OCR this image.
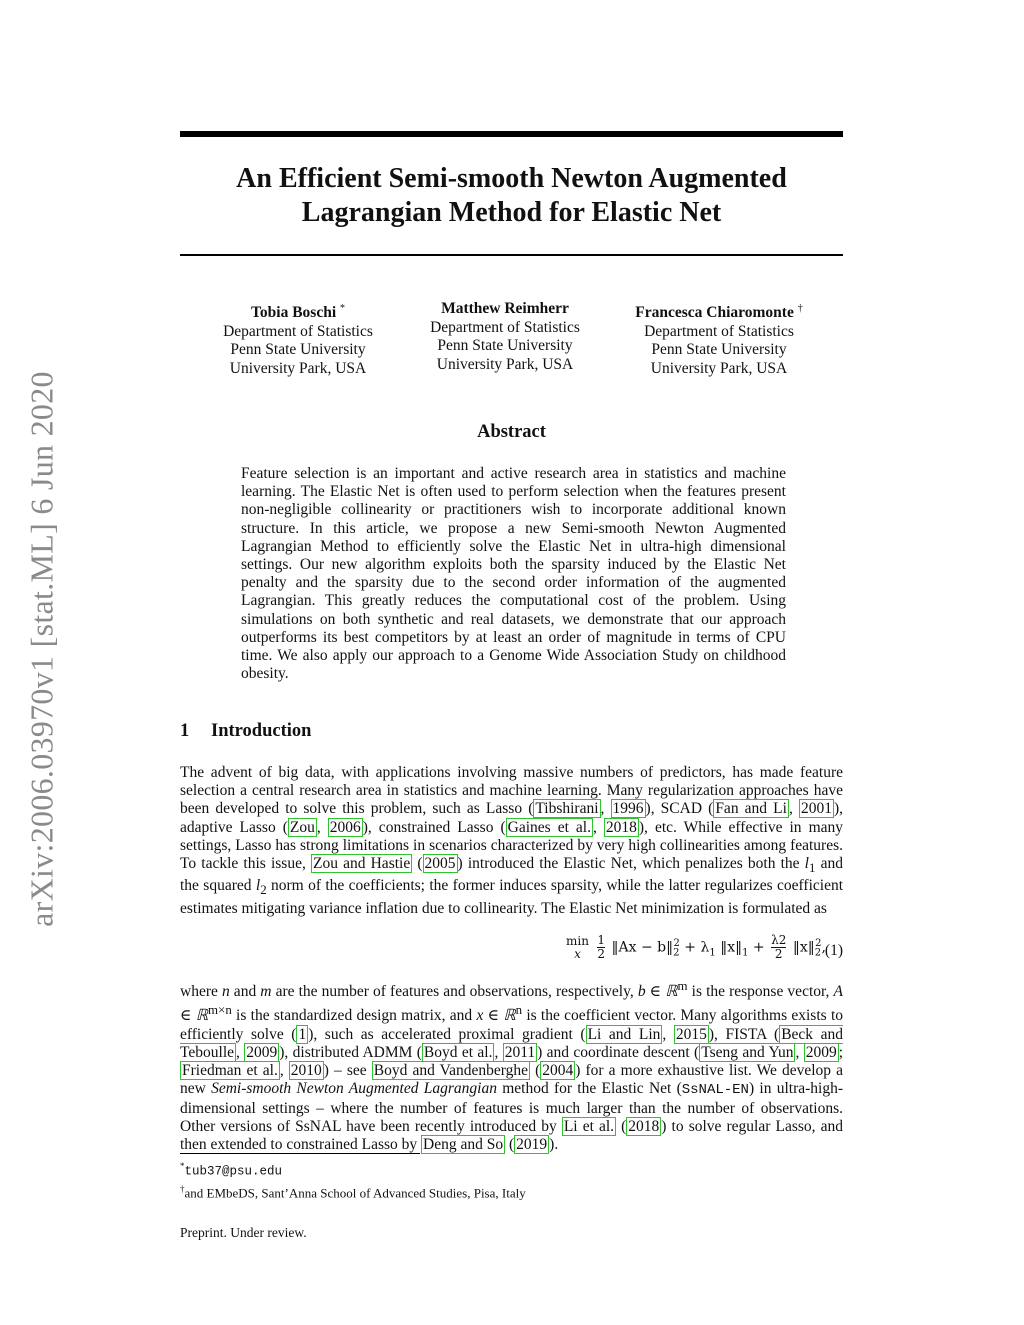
arXiv:2006.03970v1 [stat.ML] 6 Jun 2020
An Efficient Semi-smooth Newton Augmented
Lagrangian Method for Elastic Net
Tobia Boschi *
Department of Statistics
Penn State University
University Park, USA
Matthew Reimherr
Department of Statistics
Penn State University
University Park, USA
Francesca Chiaromonte †
Department of Statistics
Penn State University
University Park, USA
Abstract
Feature selection is an important and active research area in statistics and machine learning. The Elastic Net is often used to perform selection when the features present non-negligible collinearity or practitioners wish to incorporate additional known structure. In this article, we propose a new Semi-smooth Newton Augmented Lagrangian Method to efficiently solve the Elastic Net in ultra-high dimensional settings. Our new algorithm exploits both the sparsity induced by the Elastic Net penalty and the sparsity due to the second order information of the augmented Lagrangian. This greatly reduces the computational cost of the problem. Using simulations on both synthetic and real datasets, we demonstrate that our approach outperforms its best competitors by at least an order of magnitude in terms of CPU time. We also apply our approach to a Genome Wide Association Study on childhood obesity.
1 Introduction
The advent of big data, with applications involving massive numbers of predictors, has made feature selection a central research area in statistics and machine learning. Many regularization approaches have been developed to solve this problem, such as Lasso ( Tibshirani , 1996 ), SCAD ( Fan and Li , 2001 ), adaptive Lasso ( Zou , 2006 ), constrained Lasso ( Gaines et al. , 2018 ), etc. While effective in many settings, Lasso has strong limitations in scenarios characterized by very high collinearities among features. To tackle this issue, Zou and Hastie ( 2005 ) introduced the Elastic Net, which penalizes both the $l_1$ and the squared $l_2$ norm of the coefficients; the former induces sparsity, while the latter regularizes coefficient estimates mitigating variance inflation due to collinearity. The Elastic Net minimization is formulated as
min
x	$\frac{1}{2}$ ‖Ax − $b‖_2^2 + \lambda_1$ $‖x‖_1 + \frac{\lambda 2}{2}$ $‖x‖_2^2$,
(1)
where n and m are the number of features and observations, respectively, b ∈ ℝ$^m$ is the response vector, A ∈ ℝ$^{m\times n}$ is the standardized design matrix, and x ∈ ℝ$^n$ is the coefficient vector. Many algorithms exists to efficiently solve ( 1 ), such as accelerated proximal gradient ( Li and Lin , 2015 ), FISTA ( Beck and Teboulle , 2009 ), distributed ADMM ( Boyd et al. , 2011 ) and coordinate descent ( Tseng and Yun , 2009 ; Friedman et al. , 2010 ) – see Boyd and Vandenberghe ( 2004 ) for a more exhaustive list. We develop a new Semi-smooth Newton Augmented Lagrangian method for the Elastic Net (SsNAL-EN) in ultra-high-dimensional settings – where the number of features is much larger than the number of observations. Other versions of SsNAL have been recently introduced by Li et al. ( 2018 ) to solve regular Lasso, and then extended to constrained Lasso by Deng and So ( 2019 ).
*tub37@psu.edu
†and EMbeDS, Sant’Anna School of Advanced Studies, Pisa, Italy
Preprint. Under review.
